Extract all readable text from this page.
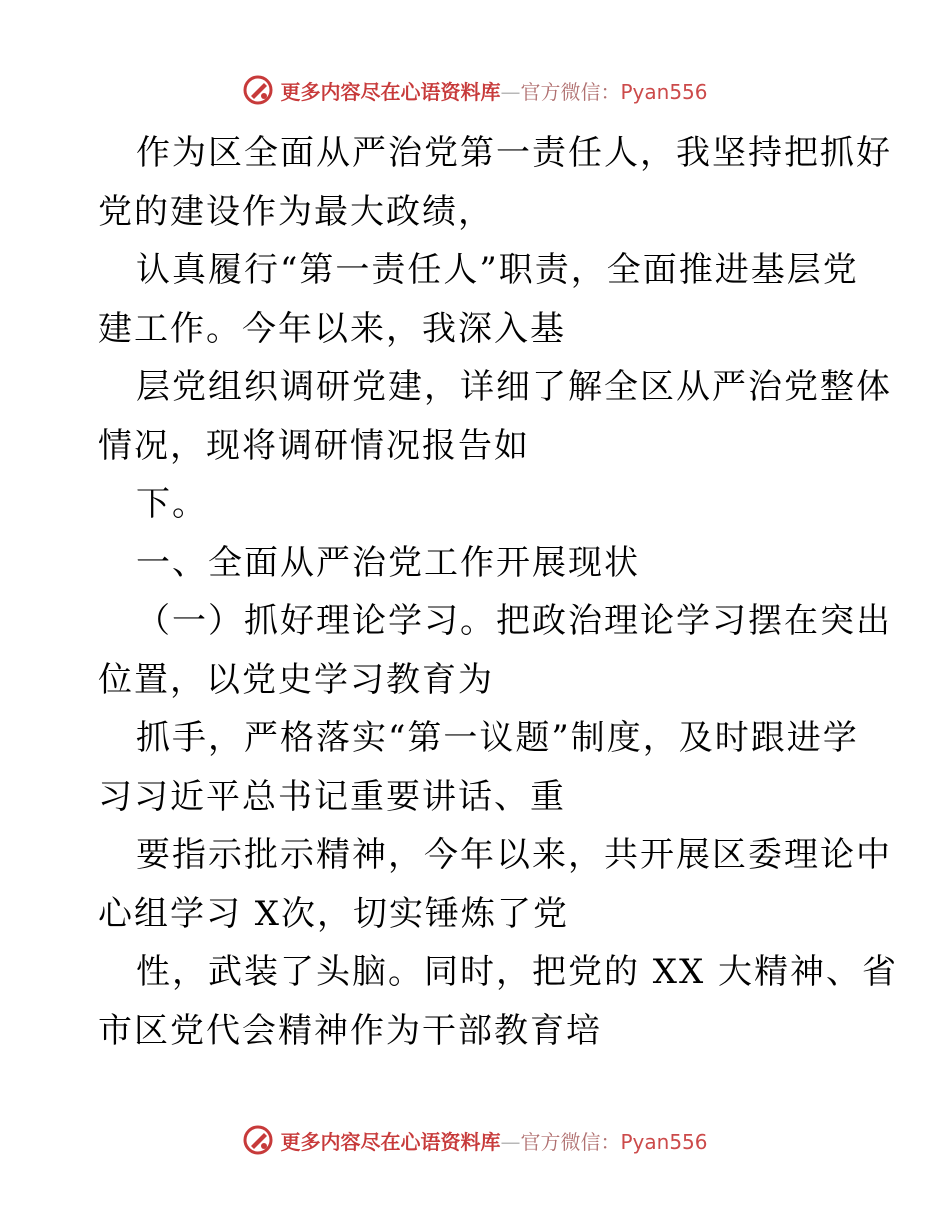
更多内容尽在心语资料库—官方微信：Pyan556
作为区全面从严治党第一责任人，我坚持把抓好
党的建设作为最大政绩，
认真履行“第一责任人”职责，全面推进基层党
建工作。今年以来，我深入基
层党组织调研党建，详细了解全区从严治党整体
情况，现将调研情况报告如
下。
一、全面从严治党工作开展现状
（一）抓好理论学习。把政治理论学习摆在突出
位置，以党史学习教育为
抓手，严格落实“第一议题”制度，及时跟进学
习习近平总书记重要讲话、重
要指示批示精神，今年以来，共开展区委理论中
心组学习 X次，切实锤炼了党
性，武装了头脑。同时，把党的 XX 大精神、省
市区党代会精神作为干部教育培
更多内容尽在心语资料库—官方微信：Pyan556
